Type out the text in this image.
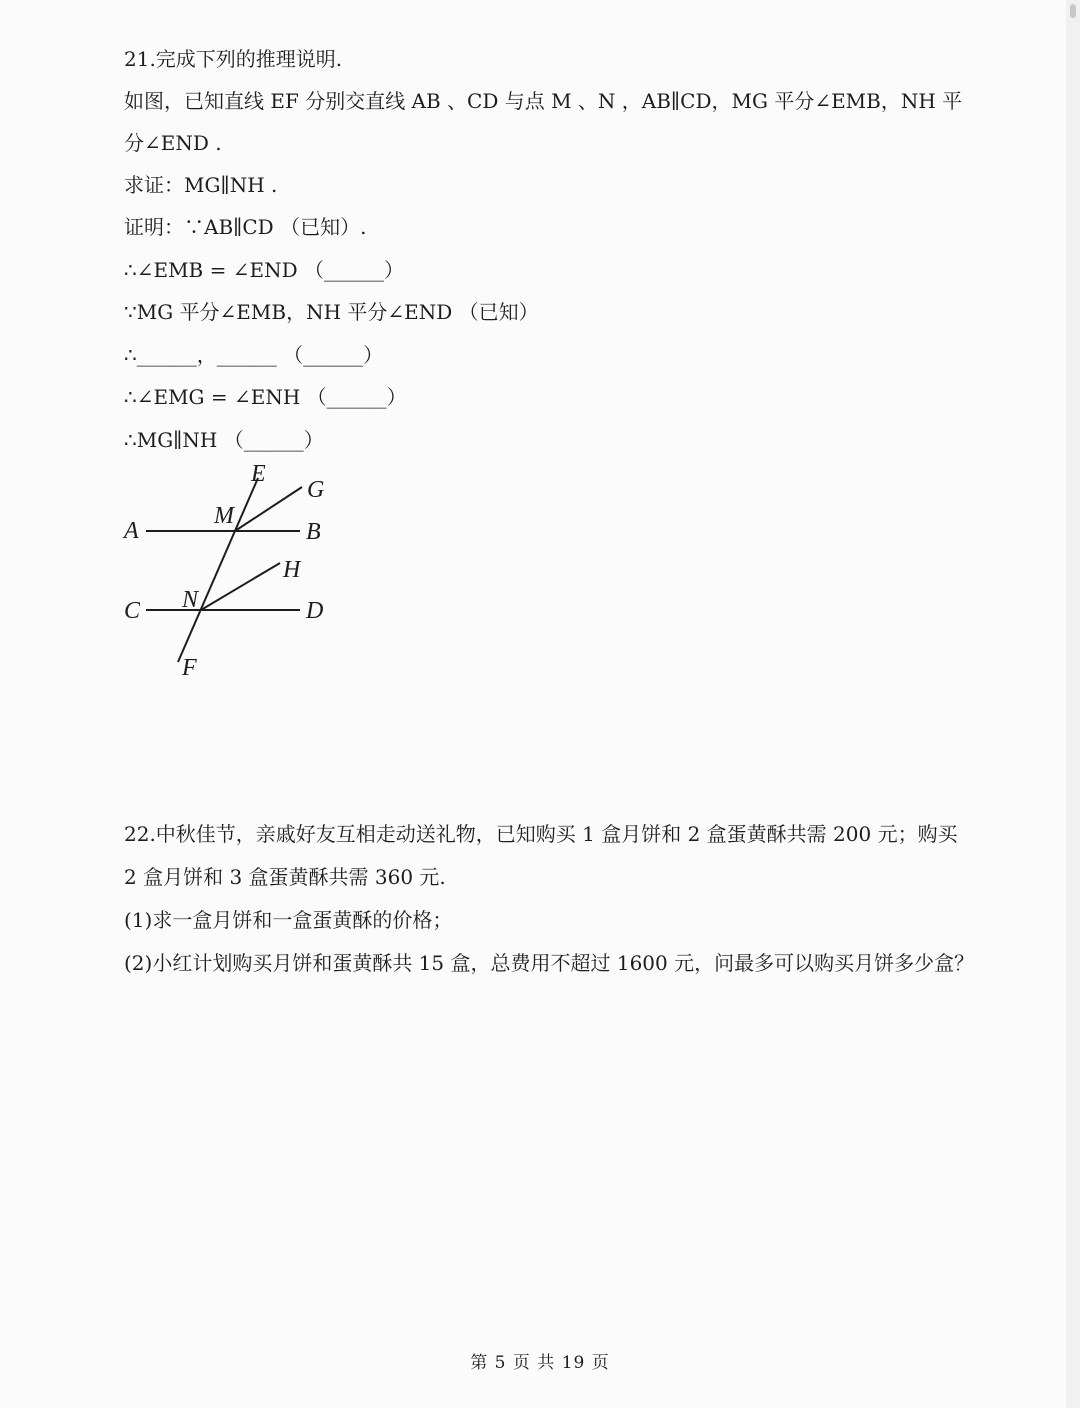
21.完成下列的推理说明.
如图，已知直线 EF 分别交直线 AB 、CD 与点 M 、N ，AB∥CD，MG 平分∠EMB，NH 平
分∠END .
求证：MG∥NH .
证明：∵AB∥CD （已知）.
∴∠EMB = ∠END （______）
∵MG 平分∠EMB，NH 平分∠END （已知）
∴______，______ （______）
∴∠EMG = ∠ENH （______）
∴MG∥NH （______）
E
G
A
M
B
H
C N	D
F
22.中秋佳节，亲戚好友互相走动送礼物，已知购买 1 盒月饼和 2 盒蛋黄酥共需 200 元；购买
2 盒月饼和 3 盒蛋黄酥共需 360 元.
(1)求一盒月饼和一盒蛋黄酥的价格；
(2)小红计划购买月饼和蛋黄酥共 15 盒，总费用不超过 1600 元，问最多可以购买月饼多少盒？
第 5 页 共 19 页
